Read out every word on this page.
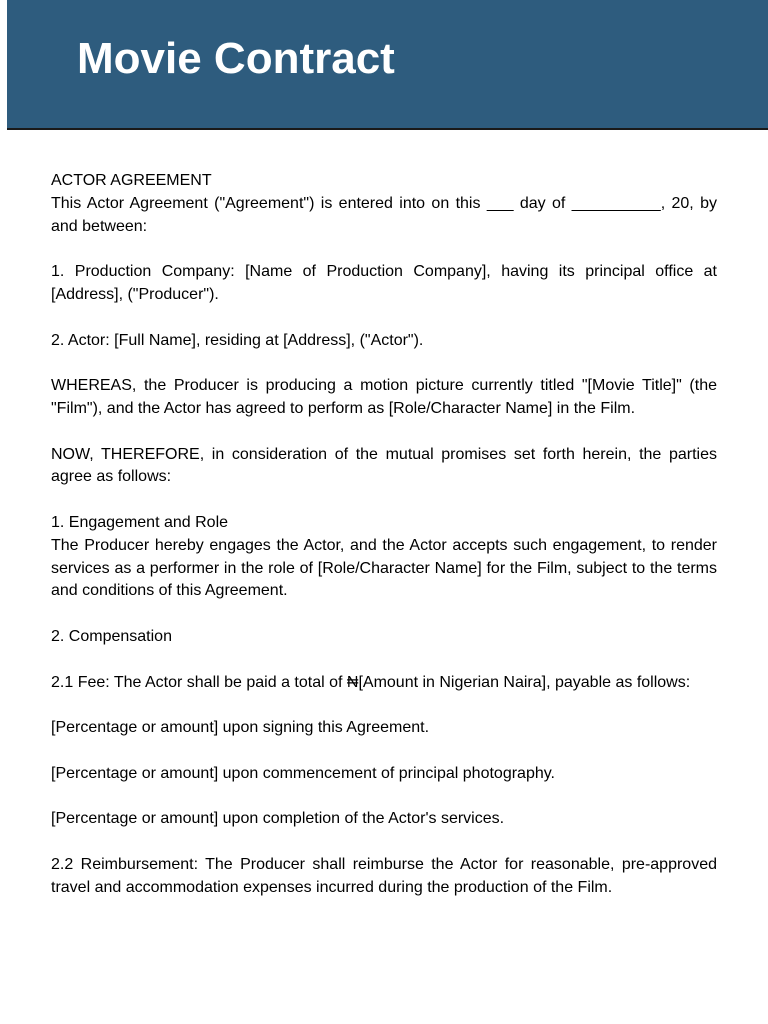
Movie Contract

ACTOR AGREEMENT

This Actor Agreement ("Agreement") is entered into on this ___ day of __________, 20, by and between:

1. Production Company: [Name of Production Company], having its principal office at [Address], ("Producer").

2. Actor: [Full Name], residing at [Address], ("Actor").

WHEREAS, the Producer is producing a motion picture currently titled "[Movie Title]" (the "Film"), and the Actor has agreed to perform as [Role/Character Name] in the Film.

NOW, THEREFORE, in consideration of the mutual promises set forth herein, the parties agree as follows:

1. Engagement and Role

The Producer hereby engages the Actor, and the Actor accepts such engagement, to render services as a performer in the role of [Role/Character Name] for the Film, subject to the terms and conditions of this Agreement.

2. Compensation

2.1 Fee: The Actor shall be paid a total of ₦[Amount in Nigerian Naira], payable as follows:

[Percentage or amount] upon signing this Agreement.

[Percentage or amount] upon commencement of principal photography.

[Percentage or amount] upon completion of the Actor's services.

2.2 Reimbursement: The Producer shall reimburse the Actor for reasonable, pre-approved travel and accommodation expenses incurred during the production of the Film.
